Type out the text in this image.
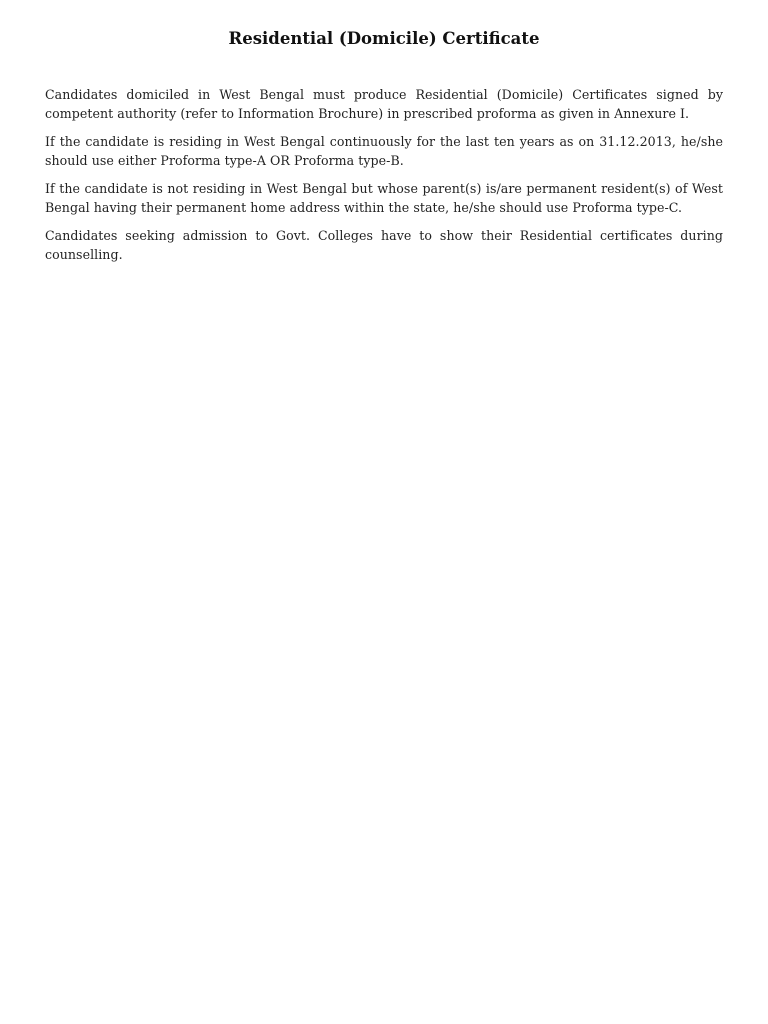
Residential (Domicile) Certificate

Candidates domiciled in West Bengal must produce Residential (Domicile) Certificates signed by competent authority (refer to Information Brochure) in prescribed proforma as given in Annexure I.

If the candidate is residing in West Bengal continuously for the last ten years as on 31.12.2013, he/she should use either Proforma type-A OR Proforma type-B.

If the candidate is not residing in West Bengal but whose parent(s) is/are permanent resident(s) of West Bengal having their permanent home address within the state, he/she should use Proforma type-C.

Candidates seeking admission to Govt. Colleges have to show their Residential certificates during counselling.
